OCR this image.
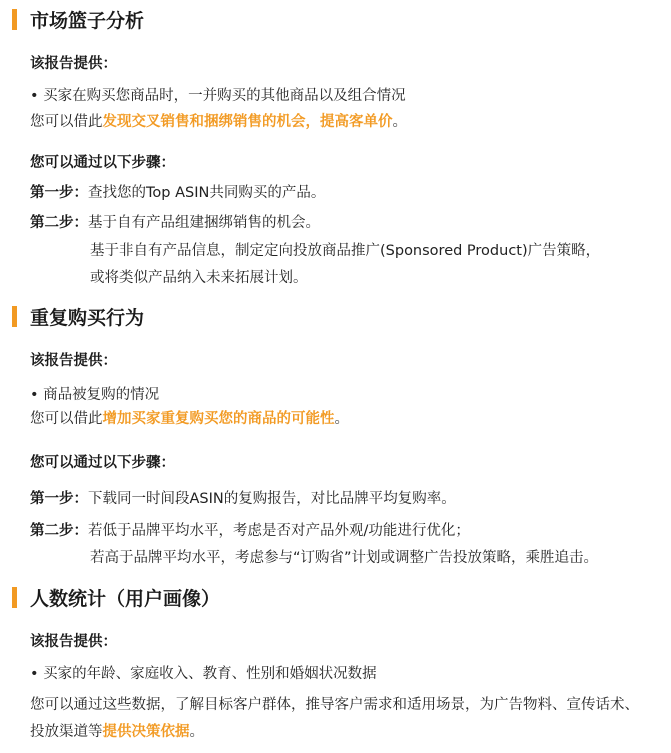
市场篮子分析
该报告提供：
• 买家在购买您商品时，一并购买的其他商品以及组合情况
您可以借此发现交叉销售和捆绑销售的机会，提高客单价。
您可以通过以下步骤：
第一步：查找您的Top ASIN共同购买的产品。
第二步：基于自有产品组建捆绑销售的机会。
基于非自有产品信息，制定定向投放商品推广(Sponsored Product)广告策略，
或将类似产品纳入未来拓展计划。
重复购买行为
该报告提供：
• 商品被复购的情况
您可以借此增加买家重复购买您的商品的可能性。
您可以通过以下步骤：
第一步：下载同一时间段ASIN的复购报告，对比品牌平均复购率。
第二步：若低于品牌平均水平，考虑是否对产品外观/功能进行优化；
若高于品牌平均水平，考虑参与“订购省”计划或调整广告投放策略，乘胜追击。
人数统计（用户画像）
该报告提供：
• 买家的年龄、家庭收入、教育、性别和婚姻状况数据
您可以通过这些数据，了解目标客户群体，推导客户需求和适用场景，为广告物料、宣传话术、
投放渠道等提供决策依据。
